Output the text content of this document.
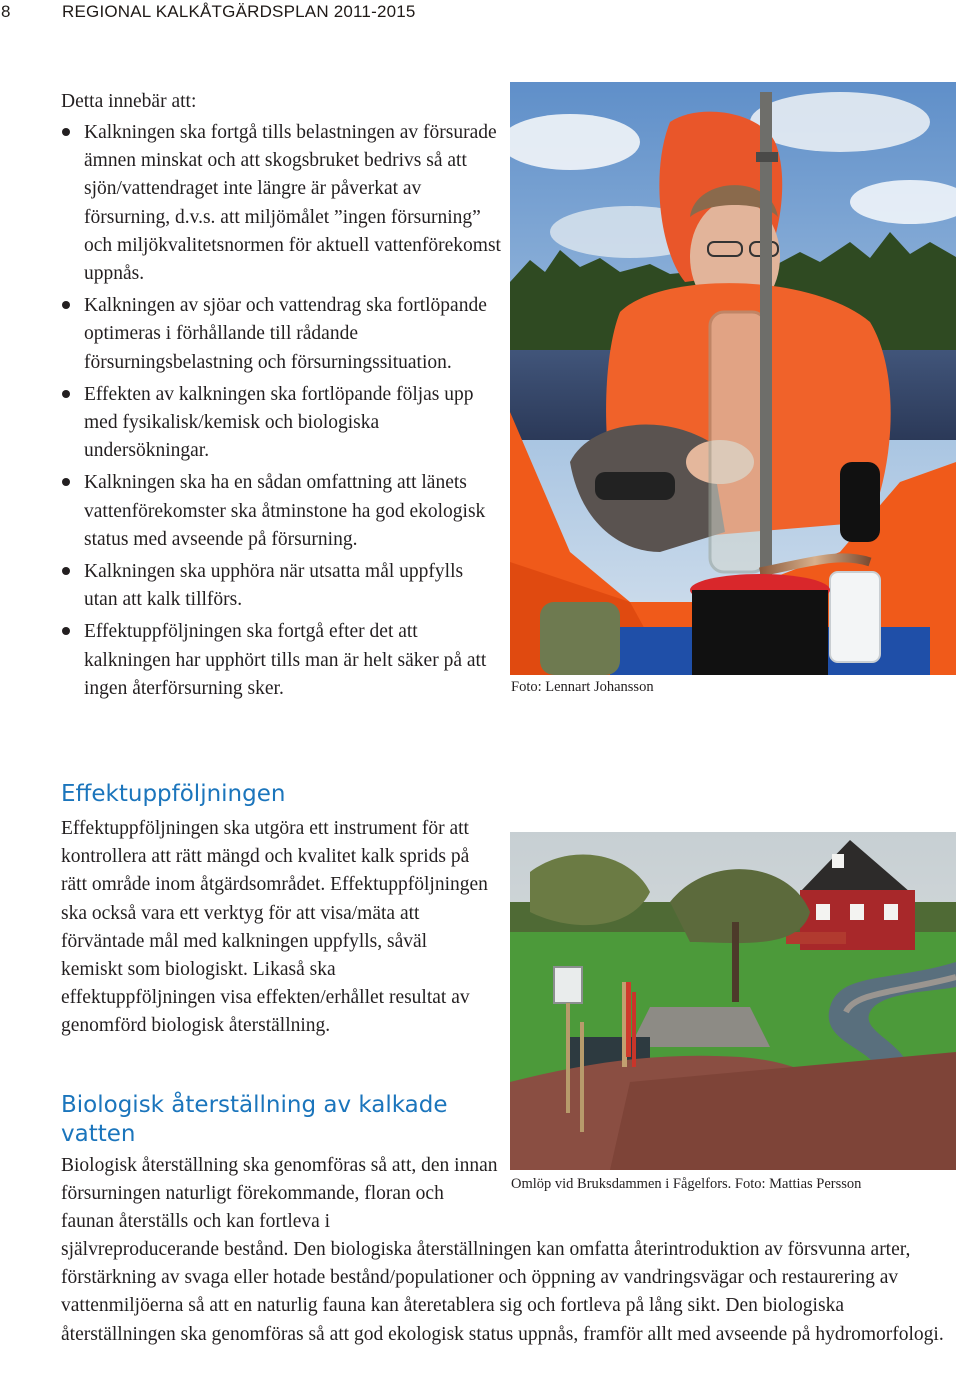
8	REGIONAL KALKÅTGÄRDSPLAN 2011-2015
Detta innebär att:
Kalkningen ska fortgå tills belastningen av försurade ämnen minskat och att skogsbruket bedrivs så att sjön/vattendraget inte längre är påverkat av försurning, d.v.s. att miljömålet ”ingen försurning” och miljökvalitetsnormen för aktuell vattenförekomst uppnås.
Kalkningen av sjöar och vattendrag ska fortlöpande optimeras i förhållande till rådande försurningsbelastning och försurningssituation.
Effekten av kalkningen ska fortlöpande följas upp med fysikalisk/kemisk och biologiska undersökningar.
Kalkningen ska ha en sådan omfattning att länets vattenförekomster ska åtminstone ha god ekologisk status med avseende på försurning.
Kalkningen ska upphöra när utsatta mål uppfylls utan att kalk tillförs.
Effektuppföljningen ska fortgå efter det att kalkningen har upphört tills man är helt säker på att ingen återförsurning sker.
Effektuppföljningen
Effektuppföljningen ska utgöra ett instrument för att kontrollera att rätt mängd och kvalitet kalk sprids på rätt område inom åtgärdsområdet. Effektuppföljningen ska också vara ett verktyg för att visa/mäta att förväntade mål med kalkningen uppfylls, såväl kemiskt som biologiskt. Likaså ska effektuppföljningen visa effekten/erhållet resultat av genomförd biologisk återställning.
Biologisk återställning av kalkade vatten
Biologisk återställning ska genomföras så att, den innan försurningen naturligt förekommande, floran och faunan återställs och kan fortleva i
självreproducerande bestånd. Den biologiska återställningen kan omfatta återintroduktion av försvunna arter, förstärkning av svaga eller hotade bestånd/populationer och öppning av vandringsvägar och restaurering av vattenmiljöerna så att en naturlig fauna kan återetablera sig och fortleva på lång sikt. Den biologiska återställningen ska genomföras så att god ekologisk status uppnås, framför allt med avseende på hydromorfologi.
Foto: Lennart Johansson
Omlöp vid Bruksdammen i Fågelfors. Foto: Mattias Persson
